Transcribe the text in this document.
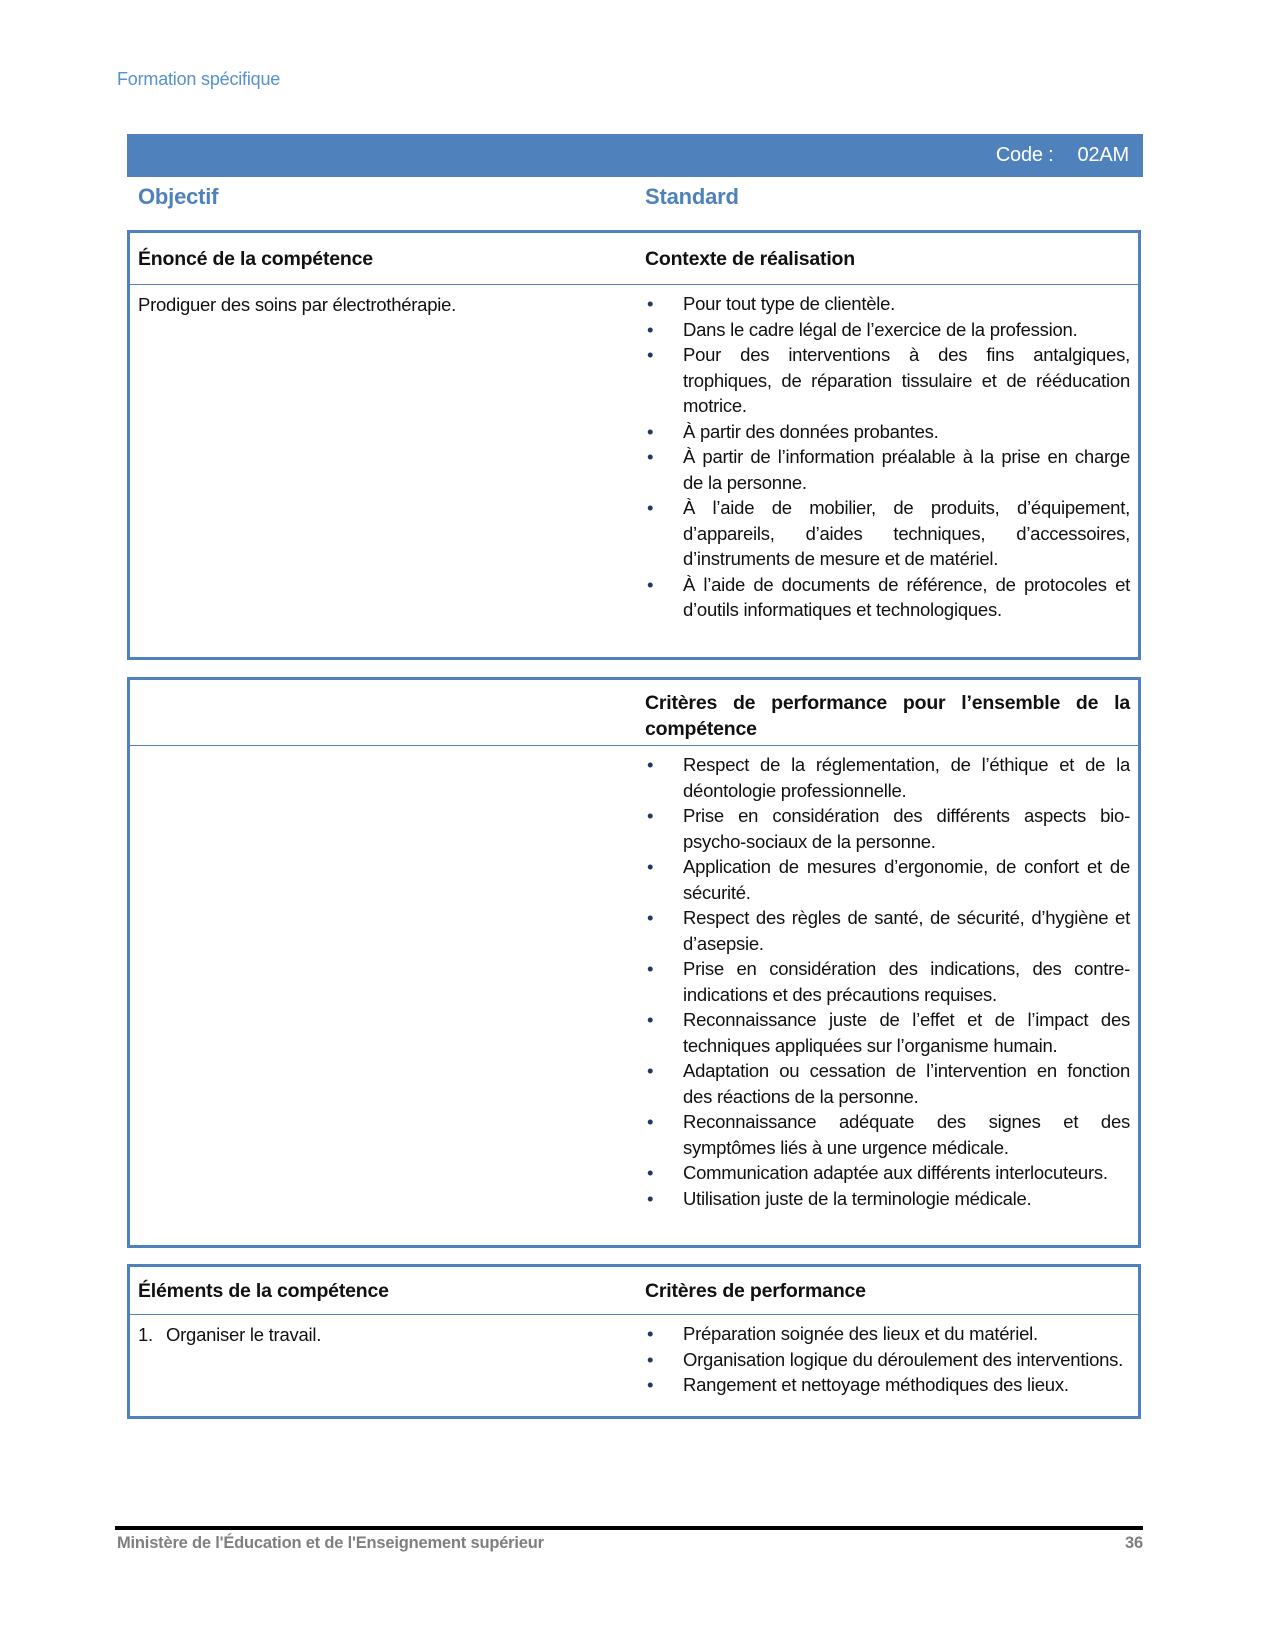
Formation spécifique
Code : 02AM
Objectif	Standard
Énoncé de la compétence	Contexte de réalisation
Prodiguer des soins par électrothérapie.	• Pour tout type de clientèle.
• Dans le cadre légal de l’exercice de la profession.
• Pour des interventions à des fins antalgiques, trophiques, de réparation tissulaire et de rééducation motrice.
• À partir des données probantes.
• À partir de l’information préalable à la prise en charge de la personne.
• À l’aide de mobilier, de produits, d’équipement, d’appareils, d’aides techniques, d’accessoires, d’instruments de mesure et de matériel.
• À l’aide de documents de référence, de protocoles et d’outils informatiques et technologiques.
Critères de performance pour l’ensemble de la compétence
• Respect de la réglementation, de l’éthique et de la déontologie professionnelle.
• Prise en considération des différents aspects bio-psycho-sociaux de la personne.
• Application de mesures d’ergonomie, de confort et de sécurité.
• Respect des règles de santé, de sécurité, d’hygiène et d’asepsie.
• Prise en considération des indications, des contre-indications et des précautions requises.
• Reconnaissance juste de l’effet et de l’impact des techniques appliquées sur l’organisme humain.
• Adaptation ou cessation de l’intervention en fonction des réactions de la personne.
• Reconnaissance adéquate des signes et des symptômes liés à une urgence médicale.
• Communication adaptée aux différents interlocuteurs.
• Utilisation juste de la terminologie médicale.
Éléments de la compétence	Critères de performance
1. Organiser le travail.	• Préparation soignée des lieux et du matériel.
• Organisation logique du déroulement des interventions.
• Rangement et nettoyage méthodiques des lieux.
Ministère de l'Éducation et de l'Enseignement supérieur	36
